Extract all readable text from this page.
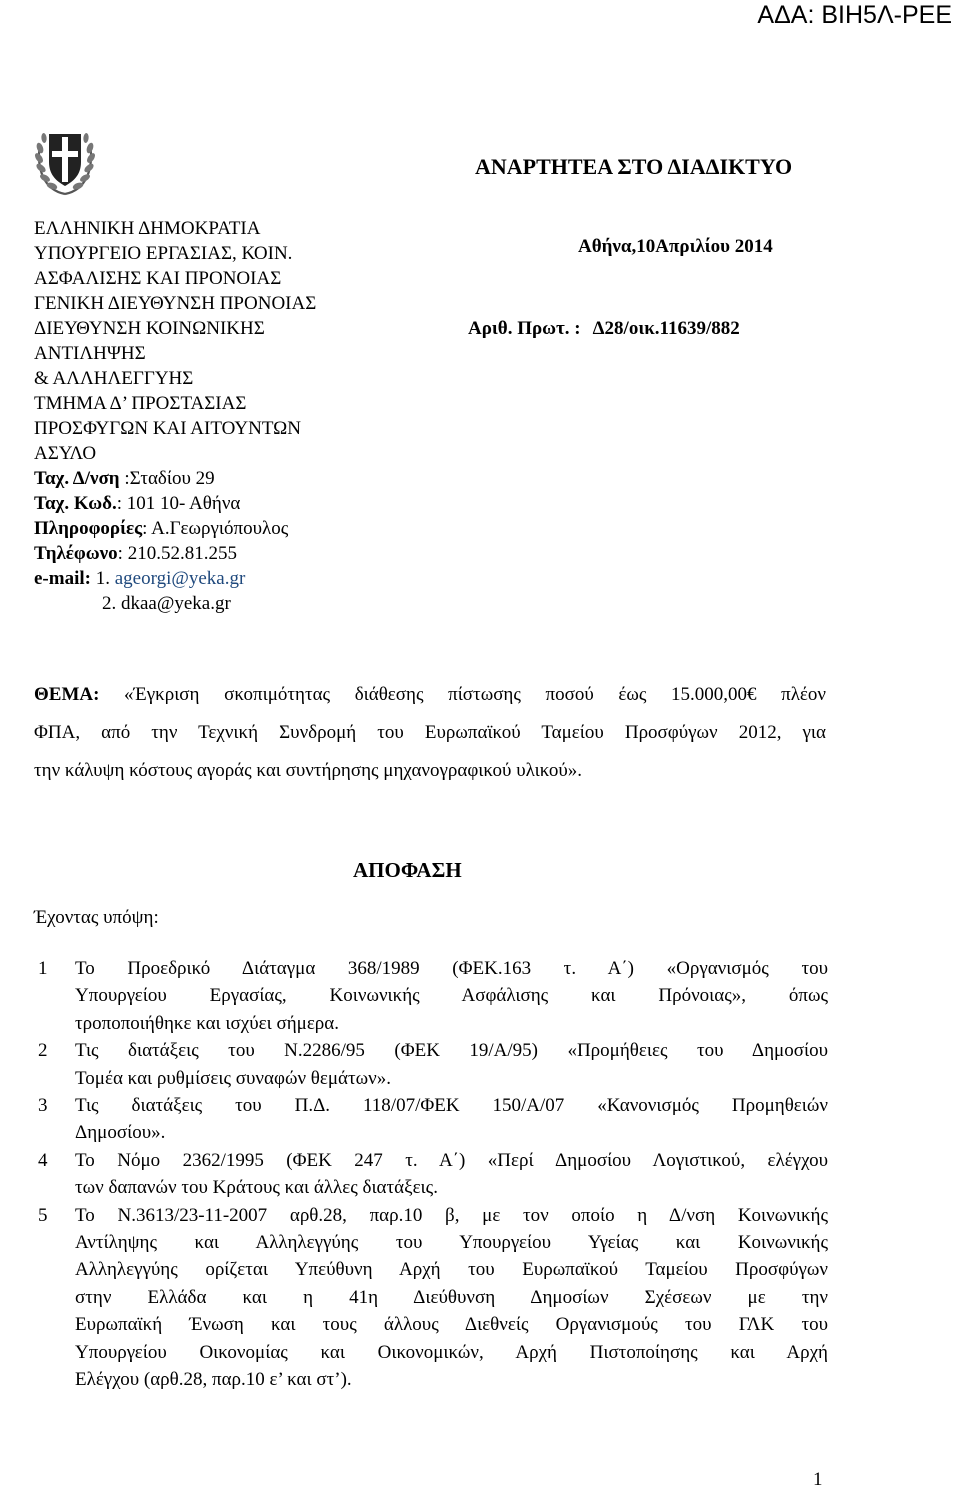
ΑΔΑ: ΒΙΗ5Λ-ΡΕΕ
ΑΝΑΡΤΗΤΕΑ ΣΤΟ ΔΙΑΔΙΚΤΥΟ
ΕΛΛΗΝΙΚΗ ΔΗΜΟΚΡΑΤΙΑ
ΥΠΟΥΡΓΕΙΟ ΕΡΓΑΣΙΑΣ, ΚΟΙΝ.
ΑΣΦΑΛΙΣΗΣ ΚΑΙ ΠΡΟΝΟΙΑΣ
ΓΕΝΙΚΗ ΔΙΕΥΘΥΝΣΗ ΠΡΟΝΟΙΑΣ
ΔΙΕΥΘΥΝΣΗ ΚΟΙΝΩΝΙΚΗΣ
ΑΝΤΙΛΗΨΗΣ
& ΑΛΛΗΛΕΓΓΥΗΣ
ΤΜΗΜΑ Δ’ ΠΡΟΣΤΑΣΙΑΣ
ΠΡΟΣΦΥΓΩΝ ΚΑΙ ΑΙΤΟΥΝΤΩΝ
ΑΣΥΛΟ
Ταχ. Δ/νση :Σταδίου 29
Ταχ. Κωδ.: 101 10- Αθήνα
Πληροφορίες: Α.Γεωργιόπουλος
Τηλέφωνο: 210.52.81.255
e-mail: 1. ageorgi@yeka.gr
2. dkaa@yeka.gr
Αθήνα,10Απριλίου 2014
Αριθ. Πρωτ. : Δ28/οικ.11639/882
ΘΕΜΑ: «Έγκριση σκοπιμότητας διάθεσης πίστωσης ποσού έως 15.000,00€ πλέον
ΦΠΑ, από την Τεχνική Συνδρομή του Ευρωπαϊκού Ταμείου Προσφύγων 2012, για
την κάλυψη κόστους αγοράς και συντήρησης μηχανογραφικού υλικού».
ΑΠΟΦΑΣΗ
Έχοντας υπόψη:
1	Το Προεδρικό Διάταγμα 368/1989 (ΦΕΚ.163 τ. Α΄) «Οργανισμός του
Υπουργείου Εργασίας, Κοινωνικής Ασφάλισης και Πρόνοιας», όπως
τροποποιήθηκε και ισχύει σήμερα.
2	Τις διατάξεις του Ν.2286/95 (ΦΕΚ 19/Α/95) «Προμήθειες του Δημοσίου
Τομέα και ρυθμίσεις συναφών θεμάτων».
3	Τις διατάξεις του Π.Δ. 118/07/ΦΕΚ 150/Α/07 «Κανονισμός Προμηθειών
Δημοσίου».
4	Το Νόμο 2362/1995 (ΦΕΚ 247 τ. Α΄) «Περί Δημοσίου Λογιστικού, ελέγχου
των δαπανών του Κράτους και άλλες διατάξεις.
5	Το Ν.3613/23-11-2007 αρθ.28, παρ.10 β, με τον οποίο η Δ/νση Κοινωνικής
Αντίληψης και Αλληλεγγύης του Υπουργείου Υγείας και Κοινωνικής
Αλληλεγγύης ορίζεται Υπεύθυνη Αρχή του Ευρωπαϊκού Ταμείου Προσφύγων
στην Ελλάδα και η 41η Διεύθυνση Δημοσίων Σχέσεων με την
Ευρωπαϊκή Ένωση και τους άλλους Διεθνείς Οργανισμούς του ΓΛΚ του
Υπουργείου Οικονομίας και Οικονομικών, Αρχή Πιστοποίησης και Αρχή
Ελέγχου (αρθ.28, παρ.10 ε’ και στ’).
1
